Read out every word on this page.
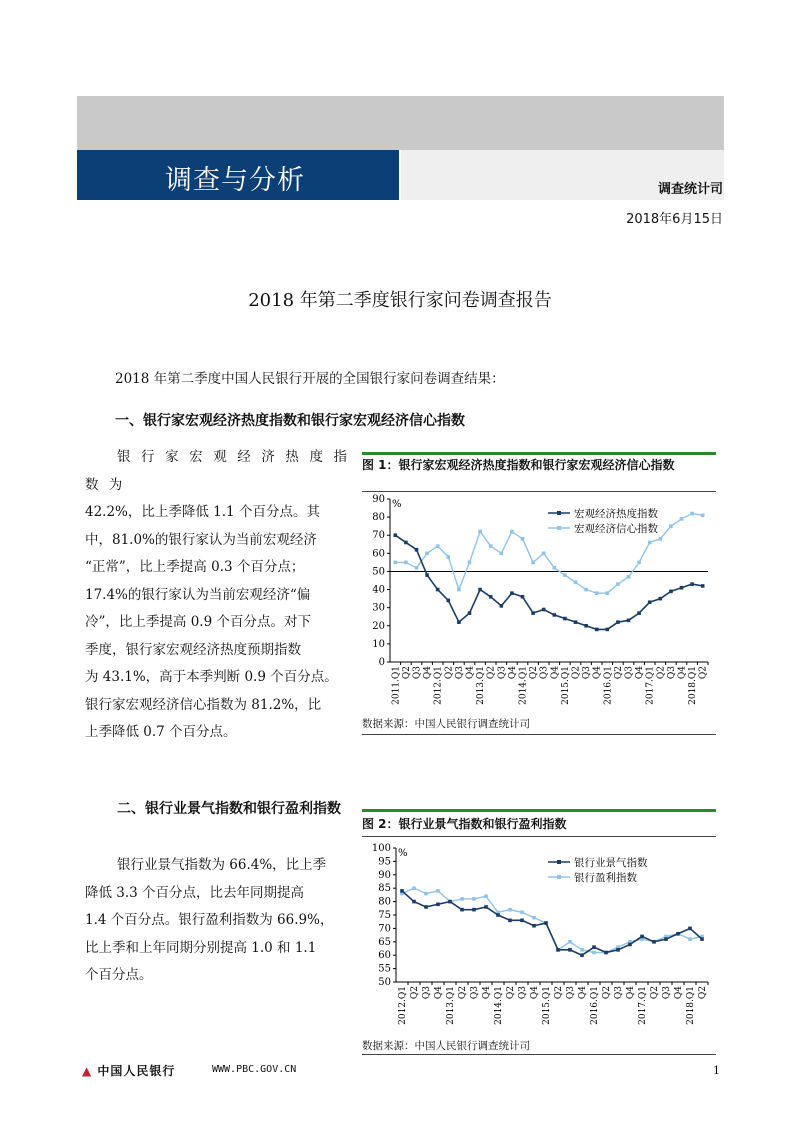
调查与分析	调查统计司
2018年6月15日
2018 年第二季度银行家问卷调查报告
2018 年第二季度中国人民银行开展的全国银行家问卷调查结果：
一、银行家宏观经济热度指数和银行家宏观经济信心指数

银 行 家 宏 观 经 济 热 度 指 数 为

42.2%，比上季降低 1.1 个百分点。其

中，81.0%的银行家认为当前宏观经济

“正常”，比上季提高 0.3 个百分点；

17.4%的银行家认为当前宏观经济“偏

冷”，比上季提高 0.9 个百分点。对下

季度，银行家宏观经济热度预期指数

为 43.1%，高于本季判断 0.9 个百分点。

银行家宏观经济信心指数为 81.2%，比

上季降低 0.7 个百分点。

二、银行业景气指数和银行盈利指数

银行业景气指数为 66.4%，比上季

降低 3.3 个百分点，比去年同期提高

1.4 个百分点。银行盈利指数为 66.9%，

比上季和上年同期分别提高 1.0 和 1.1

个百分点。

图 1：银行家宏观经济热度指数和银行家宏观经济信心指数
0
10
20
30
40
50
60
70
80
90 %
2011.Q1 Q2 Q3 Q4 2012.Q1 Q2 Q3 Q4 2013.Q1 Q2 Q3 Q4 2014.Q1 Q2 Q3 Q4 2015.Q1 Q2 Q3 Q4 2016.Q1 Q2 Q3 Q4 2017.Q1 Q2 Q3 Q4 2018.Q1 Q2
宏观经济热度指数
宏观经济信心指数
数据来源：中国人民银行调查统计司
图 2：银行业景气指数和银行盈利指数
50
55
60
65
70
75
80
85
90
95
100 %
2012.Q1 Q2 Q3 Q4 2013.Q1 Q2 Q3 Q4 2014.Q1 Q2 Q3 Q4 2015.Q1 Q2 Q3 Q4 2016.Q1 Q2 Q3 Q4 2017.Q1 Q2 Q3 Q4 2018.Q1 Q2
银行业景气指数
银行盈利指数
数据来源：中国人民银行调查统计司
▲ 中国人民银行	WWW.PBC.GOV.CN	1
